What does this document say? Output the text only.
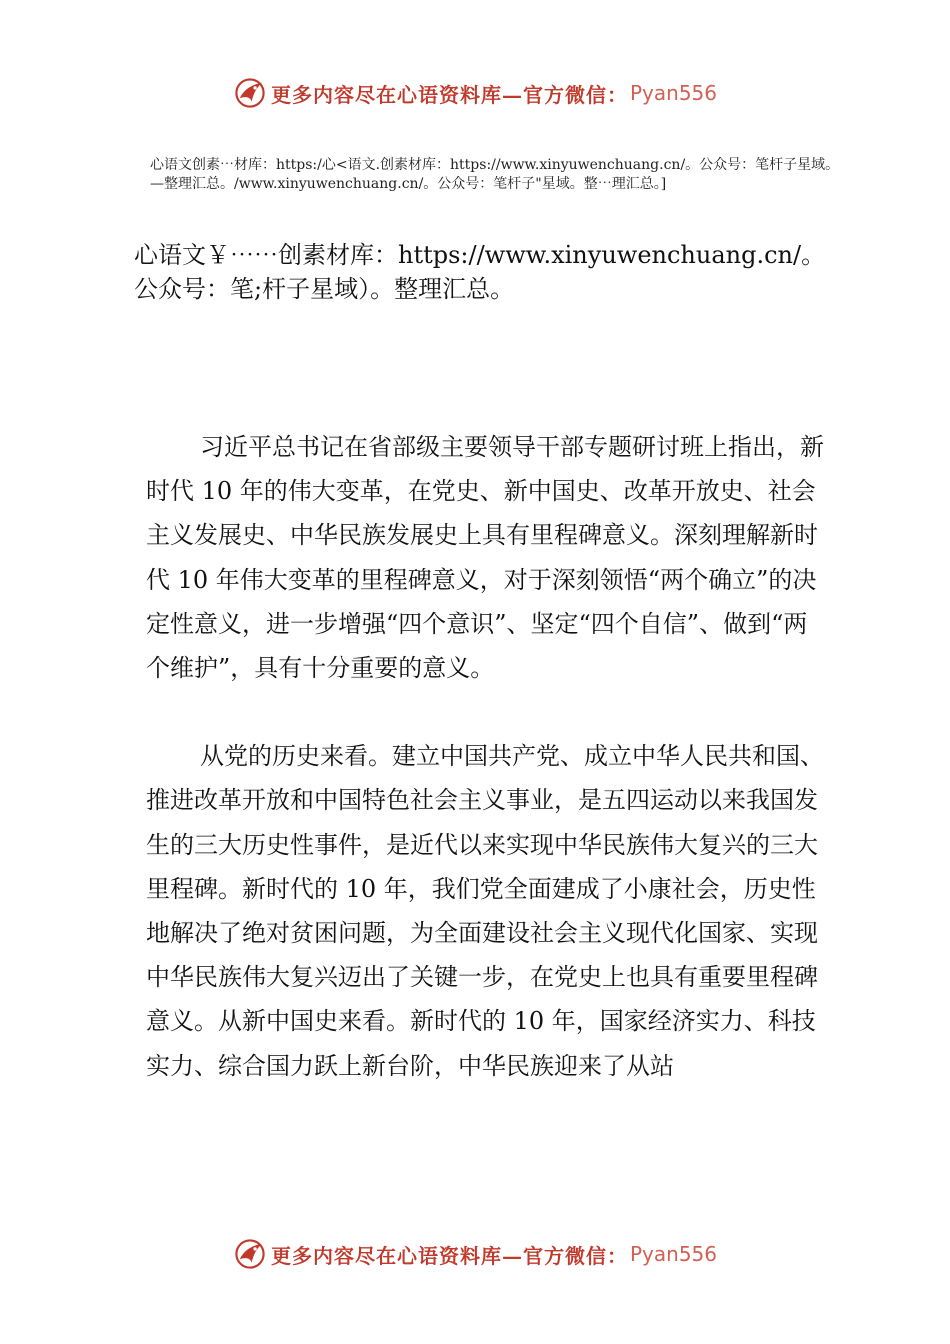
更多内容尽在心语资料库—官方微信： Pyan556
心语文创素⋯材库：https:/心<语文.创素材库：https://www.xinyuwenchuang.cn/。公众号：笔杆子星域。—整理汇总。/www.xinyuwenchuang.cn/。公众号：笔杆子"星域。整⋯理汇总。]
心语文￥⋯⋯创素材库：https://www.xinyuwenchuang.cn/。公众号：笔;杆子星域）。整理汇总。

习近平总书记在省部级主要领导干部专题研讨班上指出，新时代 10 年的伟大变革，在党史、新中国史、改革开放史、社会主义发展史、中华民族发展史上具有里程碑意义。深刻理解新时代 10 年伟大变革的里程碑意义，对于深刻领悟“两个确立”的决定性意义，进一步增强“四个意识”、坚定“四个自信”、做到“两个维护”，具有十分重要的意义。

从党的历史来看。建立中国共产党、成立中华人民共和国、推进改革开放和中国特色社会主义事业，是五四运动以来我国发生的三大历史性事件，是近代以来实现中华民族伟大复兴的三大里程碑。新时代的 10 年，我们党全面建成了小康社会，历史性地解决了绝对贫困问题，为全面建设社会主义现代化国家、实现中华民族伟大复兴迈出了关键一步，在党史上也具有重要里程碑意义。从新中国史来看。新时代的 10 年，国家经济实力、科技实力、综合国力跃上新台阶，中华民族迎来了从站

更多内容尽在心语资料库—官方微信： Pyan556
